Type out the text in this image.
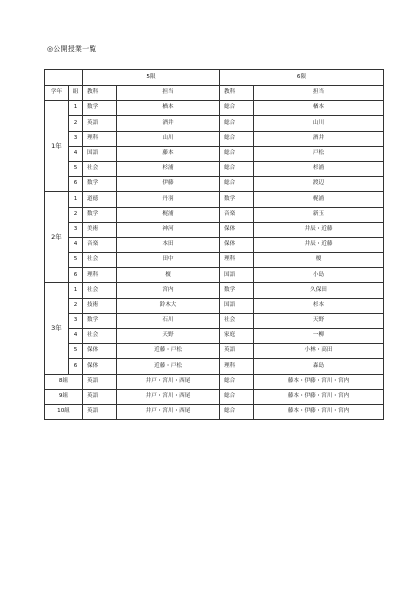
◎公開授業一覧
		5限		6限	
学年	組	教科	担当	教科	担当
1年	1	数学	楢本	総合	楢本
	2	英語	酒井	総合	山川
	3	理科	山川	総合	酒井
	4	国語	藤本	総合	戸松
	5	社会	杉浦	総合	杉浦
	6	数学	伊藤	総合	渡辺
2年	1	道徳	丹羽	数学	梶浦
	2	数学	梶浦	音楽	新玉
	3	美術	神河	保体	井辰・近藤
	4	音楽	本田	保体	井辰・近藤
	5	社会	田中	理科	榎
	6	理科	榎	国語	小島
3年	1	社会	宮内	数学	久保田
	2	技術	鈴木大	国語	杉本
	3	数学	石川	社会	天野
	4	社会	天野	家庭	一柳
	5	保体	近藤・戸松	英語	小林・高田
	6	保体	近藤・戸松	理科	森島
8組		英語	井戸・宮川・西尾	総合	藤本・伊藤・宮川・宮内
9組		英語	井戸・宮川・西尾	総合	藤本・伊藤・宮川・宮内
10組		英語	井戸・宮川・西尾	総合	藤本・伊藤・宮川・宮内
